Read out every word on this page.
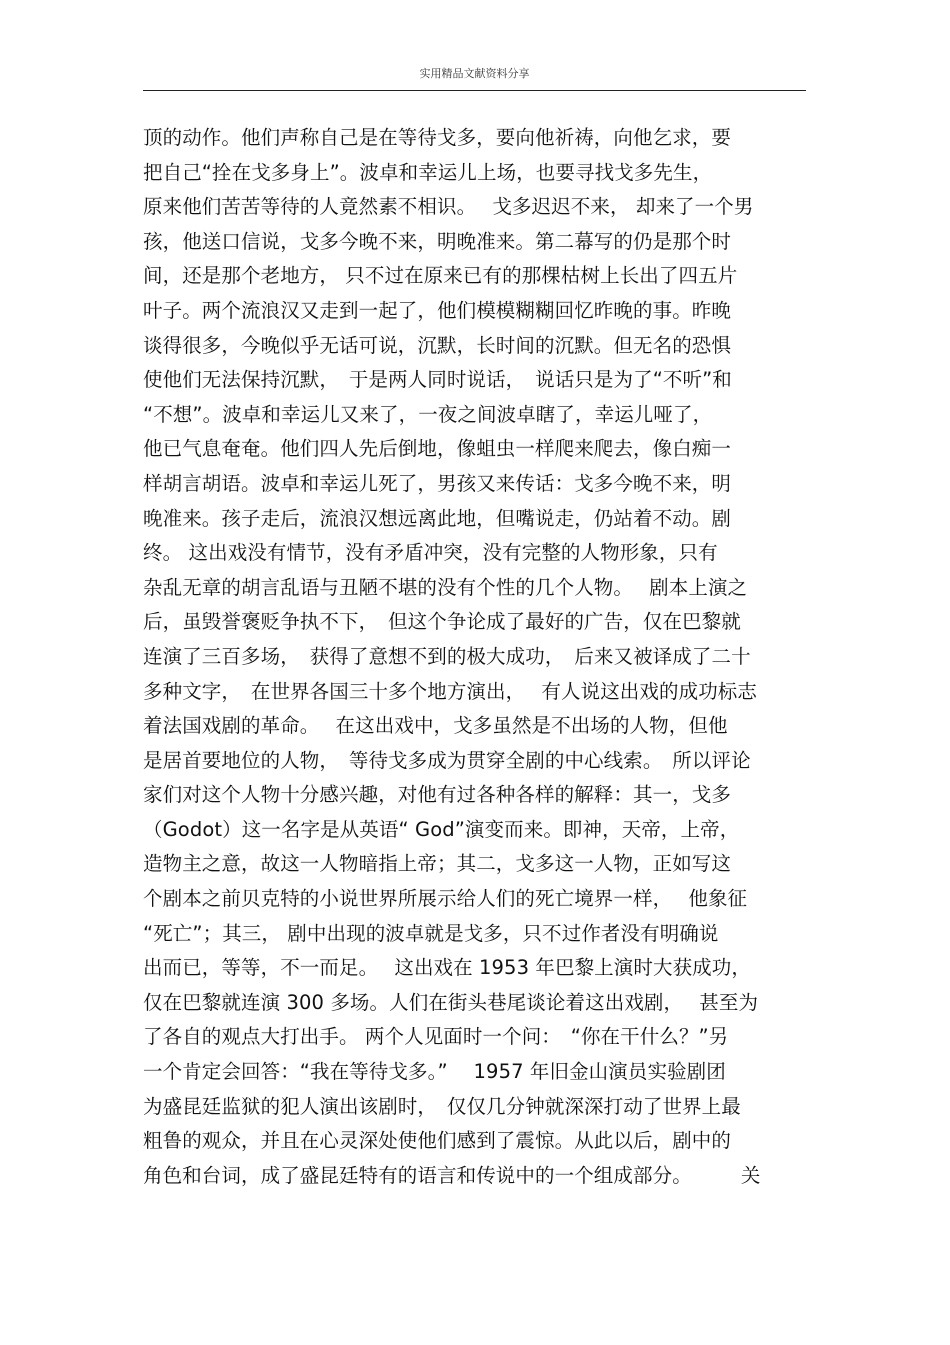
实用精品文献资料分享
顶的动作。他们声称自己是在等待戈多，要向他祈祷，向他乞求，要
把自己“拴在戈多身上”。波卓和幸运儿上场，也要寻找戈多先生，
原来他们苦苦等待的人竟然素不相识。　 戈多迟迟不来， 却来了一个男
孩，他送口信说，戈多今晚不来，明晚准来。第二幕写的仍是那个时
间，还是那个老地方， 只不过在原来已有的那棵枯树上长出了四五片
叶子。两个流浪汉又走到一起了，他们模模糊糊回忆昨晚的事。昨晚
谈得很多，今晚似乎无话可说，沉默，长时间的沉默。但无名的恐惧
使他们无法保持沉默，　于是两人同时说话，　说话只是为了“不听”和
“不想”。波卓和幸运儿又来了，一夜之间波卓瞎了，幸运儿哑了，
他已气息奄奄。他们四人先后倒地，像蛆虫一样爬来爬去，像白痴一
样胡言胡语。波卓和幸运儿死了，男孩又来传话：戈多今晚不来，明
晚准来。孩子走后，流浪汉想远离此地，但嘴说走，仍站着不动。剧
终。 这出戏没有情节，没有矛盾冲突，没有完整的人物形象，只有
杂乱无章的胡言乱语与丑陋不堪的没有个性的几个人物。　 剧本上演之
后，虽毁誉褒贬争执不下，　但这个争论成了最好的广告，仅在巴黎就
连演了三百多场，　获得了意想不到的极大成功，　后来又被译成了二十
多种文字，　在世界各国三十多个地方演出，　 有人说这出戏的成功标志
着法国戏剧的革命。　 在这出戏中，戈多虽然是不出场的人物，但他
是居首要地位的人物，　等待戈多成为贯穿全剧的中心线索。　所以评论
家们对这个人物十分感兴趣，对他有过各种各样的解释：其一，戈多
（Godot）这一名字是从英语“ God”演变而来。即神，天帝，上帝，
造物主之意，故这一人物暗指上帝；其二，戈多这一人物，正如写这
个剧本之前贝克特的小说世界所展示给人们的死亡境界一样，　 他象征
“死亡”；其三， 剧中出现的波卓就是戈多，只不过作者没有明确说
出而已，等等，不一而足。　 这出戏在 1953 年巴黎上演时大获成功，
仅在巴黎就连演 300 多场。人们在街头巷尾谈论着这出戏剧，　 甚至为
了各自的观点大打出手。 两个人见面时一个问：　“你在干什么？”另
一个肯定会回答：“我在等待戈多。”　 1957 年旧金山演员实验剧团
为盛昆廷监狱的犯人演出该剧时，　仅仅几分钟就深深打动了世界上最
粗鲁的观众，并且在心灵深处使他们感到了震惊。从此以后，剧中的
角色和台词，成了盛昆廷特有的语言和传说中的一个组成部分。　　　关
